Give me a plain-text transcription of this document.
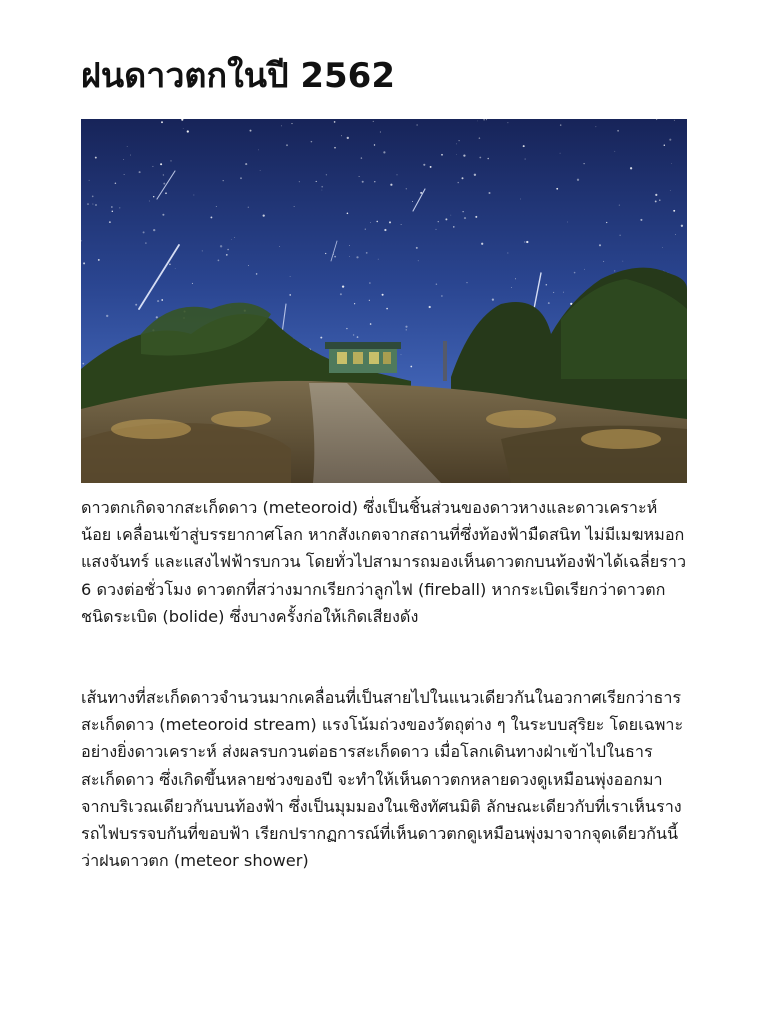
ฝนดาวตกในปี 2562

ดาวตกเกิดจากสะเก็ดดาว (meteoroid) ซึ่งเป็นชิ้นส่วนของดาวหางและดาวเคราะห์น้อย เคลื่อนเข้าสู่บรรยากาศโลก หากสังเกตจากสถานที่ซึ่งท้องฟ้ามืดสนิท ไม่มีเมฆหมอก แสงจันทร์ และแสงไฟฟ้ารบกวน โดยทั่วไปสามารถมองเห็นดาวตกบนท้องฟ้าได้เฉลี่ยราว 6 ดวงต่อชั่วโมง ดาวตกที่สว่างมากเรียกว่าลูกไฟ (fireball) หากระเบิดเรียกว่าดาวตกชนิดระเบิด (bolide) ซึ่งบางครั้งก่อให้เกิดเสียงดัง

เส้นทางที่สะเก็ดดาวจำนวนมากเคลื่อนที่เป็นสายไปในแนวเดียวกันในอวกาศเรียกว่าธารสะเก็ดดาว (meteoroid stream) แรงโน้มถ่วงของวัตถุต่าง ๆ ในระบบสุริยะ โดยเฉพาะอย่างยิ่งดาวเคราะห์ ส่งผลรบกวนต่อธารสะเก็ดดาว เมื่อโลกเดินทางฝ่าเข้าไปในธารสะเก็ดดาว ซึ่งเกิดขึ้นหลายช่วงของปี จะทำให้เห็นดาวตกหลายดวงดูเหมือนพุ่งออกมาจากบริเวณเดียวกันบนท้องฟ้า ซึ่งเป็นมุมมองในเชิงทัศนมิติ ลักษณะเดียวกับที่เราเห็นรางรถไฟบรรจบกันที่ขอบฟ้า เรียกปรากฏการณ์ที่เห็นดาวตกดูเหมือนพุ่งมาจากจุดเดียวกันนี้ว่าฝนดาวตก (meteor shower)
